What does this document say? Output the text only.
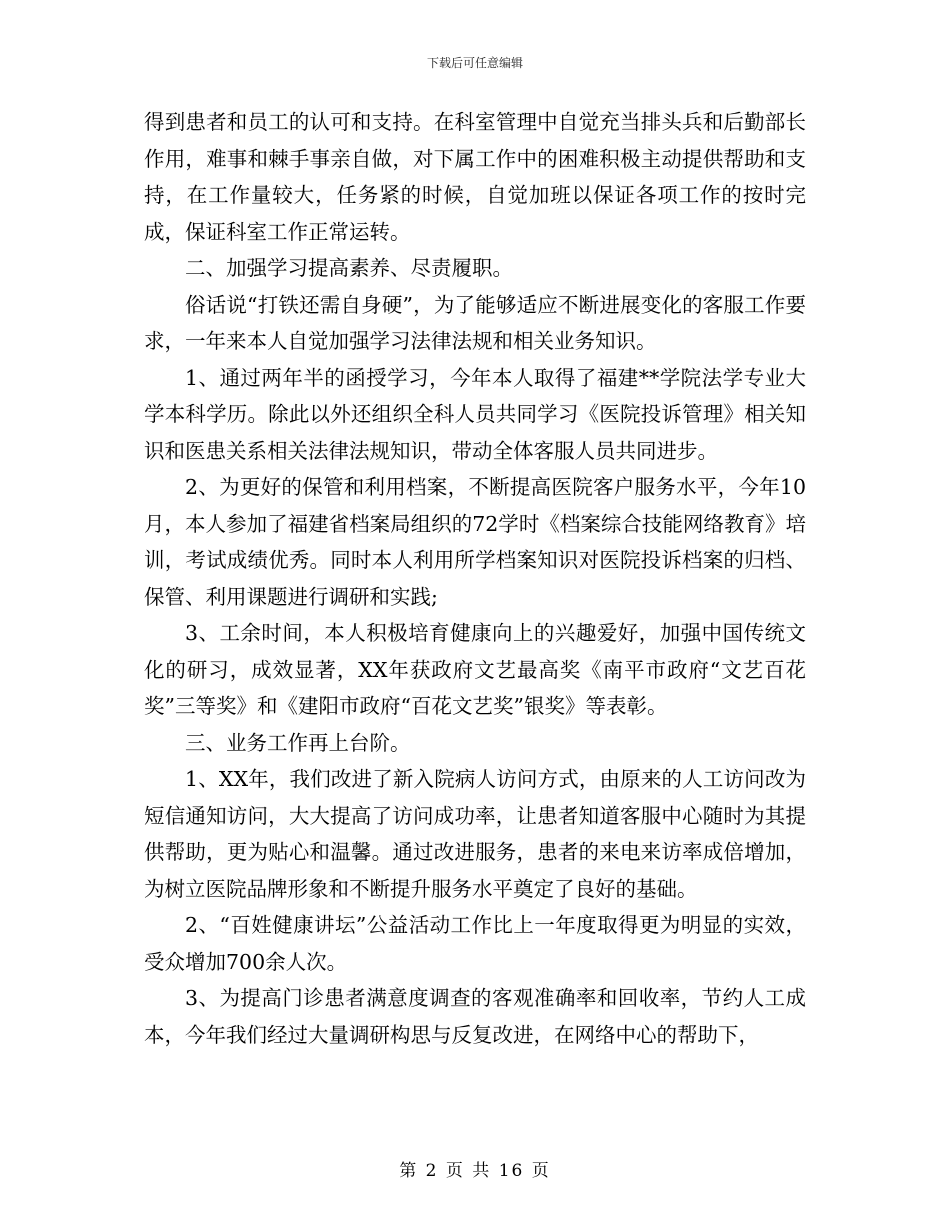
下载后可任意编辑

得到患者和员工的认可和支持。在科室管理中自觉充当排头兵和后勤部长作用，难事和棘手事亲自做，对下属工作中的困难积极主动提供帮助和支持，在工作量较大，任务紧的时候，自觉加班以保证各项工作的按时完成，保证科室工作正常运转。

二、加强学习提高素养、尽责履职。

俗话说“打铁还需自身硬”，为了能够适应不断进展变化的客服工作要求，一年来本人自觉加强学习法律法规和相关业务知识。

1、通过两年半的函授学习，今年本人取得了福建**学院法学专业大学本科学历。除此以外还组织全科人员共同学习《医院投诉管理》相关知识和医患关系相关法律法规知识，带动全体客服人员共同进步。

2、为更好的保管和利用档案，不断提高医院客户服务水平，今年10月，本人参加了福建省档案局组织的72学时《档案综合技能网络教育》培训，考试成绩优秀。同时本人利用所学档案知识对医院投诉档案的归档、保管、利用课题进行调研和实践;

3、工余时间，本人积极培育健康向上的兴趣爱好，加强中国传统文化的研习，成效显著，XX年获政府文艺最高奖《南平市政府“文艺百花奖”三等奖》和《建阳市政府“百花文艺奖”银奖》等表彰。

三、业务工作再上台阶。

1、XX年，我们改进了新入院病人访问方式，由原来的人工访问改为短信通知访问，大大提高了访问成功率，让患者知道客服中心随时为其提供帮助，更为贴心和温馨。通过改进服务，患者的来电来访率成倍增加，为树立医院品牌形象和不断提升服务水平奠定了良好的基础。

2、“百姓健康讲坛”公益活动工作比上一年度取得更为明显的实效，受众增加700余人次。

3、为提高门诊患者满意度调查的客观准确率和回收率，节约人工成本，今年我们经过大量调研构思与反复改进，在网络中心的帮助下，

第 2 页 共 16 页
